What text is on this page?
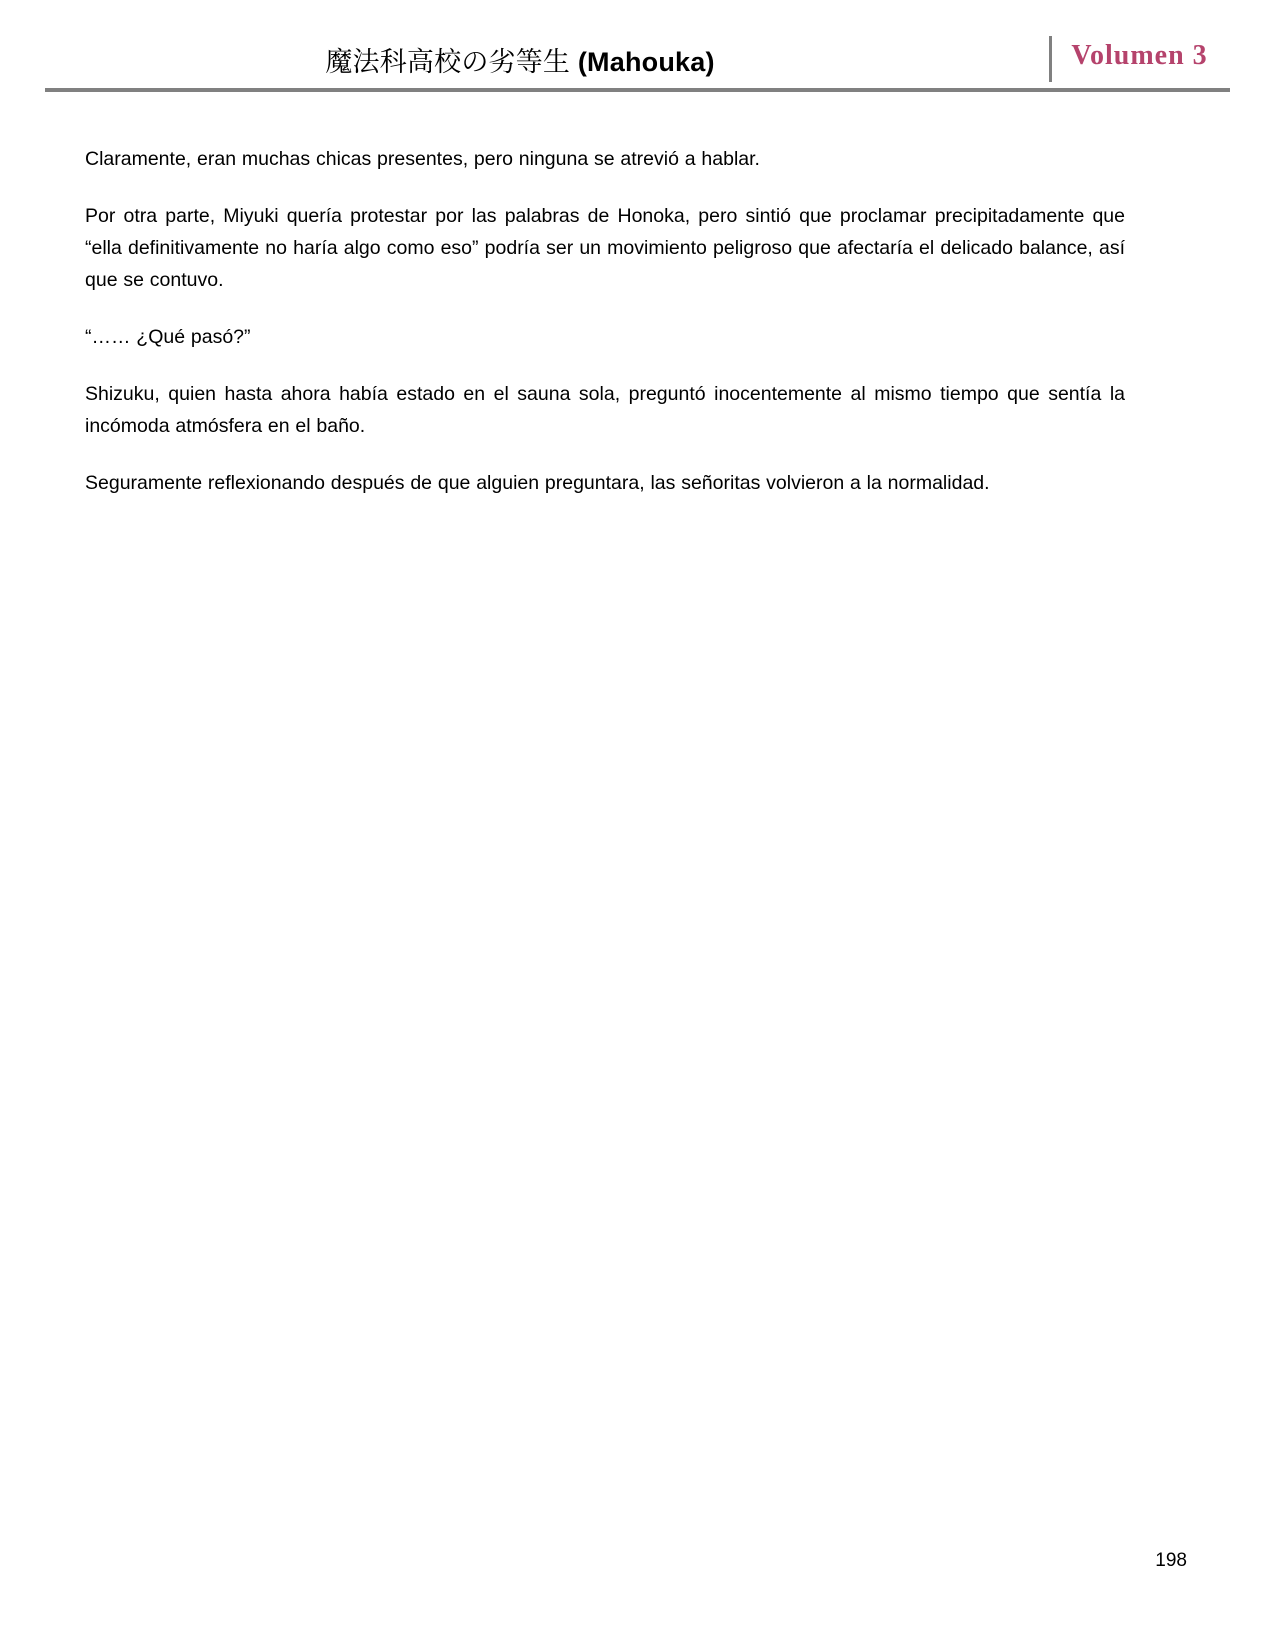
魔法科高校の劣等生 (Mahouka)	Volumen 3

Claramente, eran muchas chicas presentes, pero ninguna se atrevió a hablar.

Por otra parte, Miyuki quería protestar por las palabras de Honoka, pero sintió que proclamar precipitadamente que “ella definitivamente no haría algo como eso” podría ser un movimiento peligroso que afectaría el delicado balance, así que se contuvo.

“…… ¿Qué pasó?”

Shizuku, quien hasta ahora había estado en el sauna sola, preguntó inocentemente al mismo tiempo que sentía la incómoda atmósfera en el baño.

Seguramente reflexionando después de que alguien preguntara, las señoritas volvieron a la normalidad.

198
